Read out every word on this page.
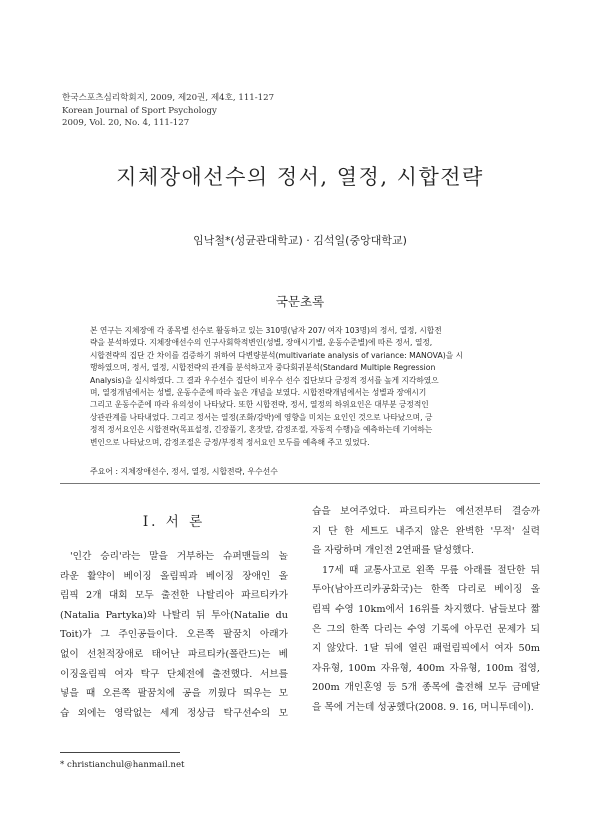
한국스포츠심리학회지, 2009, 제20권, 제4호, 111-127
Korean Journal of Sport Psychology
2009, Vol. 20, No. 4, 111-127
지체장애선수의 정서, 열정, 시합전략
임낙철*(성균관대학교) · 김석일(중앙대학교)
국문초록
본 연구는 지체장애 각 종목별 선수로 활동하고 있는 310명(남자 207/ 여자 103명)의 정서, 열정, 시합전
략을 분석하였다. 지체장애선수의 인구사회학적변인(성별, 장애시기별, 운동수준별)에 따른 정서, 열정,
시합전략의 집단 간 차이를 검증하기 위하여 다변량분석(multivariate analysis of variance: MANOVA)을 시
행하였으며, 정서, 열정, 시합전략의 관계를 분석하고자 중다회귀분석(Standard Multiple Regression
Analysis)을 실시하였다. 그 결과 우수선수 집단이 비우수 선수 집단보다 긍정적 정서를 높게 지각하였으
며, 열정개념에서는 성별, 운동수준에 따라 높은 개념을 보였다. 시합전략개념에서는 성별과 장애시기
그리고 운동수준에 따라 유의성이 나타났다. 또한 시합전략, 정서, 열정의 하위요인은 대부분 긍정적인
상관관계를 나타내었다. 그리고 정서는 열정(조화/강박)에 영향을 미치는 요인인 것으로 나타났으며, 긍
정적 정서요인은 시합전략(목표설정, 긴장풀기, 혼잣말, 감정조절, 자동적 수행)을 예측하는데 기여하는
변인으로 나타났으며, 감정조절은 긍정/부정적 정서요인 모두를 예측해 주고 있었다.
주요어 : 지체장애선수, 정서, 열정, 시합전략, 우수선수
I. 서 론
'인간 승리'라는 말을 거부하는 슈퍼맨들의 놀
라운 활약이 베이징 올림픽과 베이징 장애인 올
림픽 2개 대회 모두 출전한 나탈리아 파르티카가
(Natalia Partyka)와 나탈리 뒤 투아(Natalie du
Toit)가 그 주인공들이다. 오른쪽 팔꿈치 아래가
없이 선천적장애로 태어난 파르티카(폴란드)는 베
이징올림픽 여자 탁구 단체전에 출전했다. 서브를
넣을 때 오른쪽 팔꿈치에 공을 끼웠다 띄우는 모
습 외에는 영락없는 세계 정상급 탁구선수의 모
습을 보여주었다. 파르티카는 예선전부터 결승까
지 단 한 세트도 내주지 않은 완벽한 '무적' 실력
을 자랑하며 개인전 2연패를 달성했다.
17세 때 교통사고로 왼쪽 무릎 아래를 절단한 뒤
투아(남아프리카공화국)는 한쪽 다리로 베이징 올
림픽 수영 10km에서 16위를 차지했다. 남들보다 짧
은 그의 한쪽 다리는 수영 기록에 아무런 문제가 되
지 않았다. 1달 뒤에 열린 패럴림픽에서 여자 50m
자유형, 100m 자유형, 400m 자유형, 100m 접영,
200m 개인혼영 등 5개 종목에 출전해 모두 금메달
을 목에 거는데 성공했다(2008. 9. 16, 머니투데이).
* christianchul@hanmail.net
